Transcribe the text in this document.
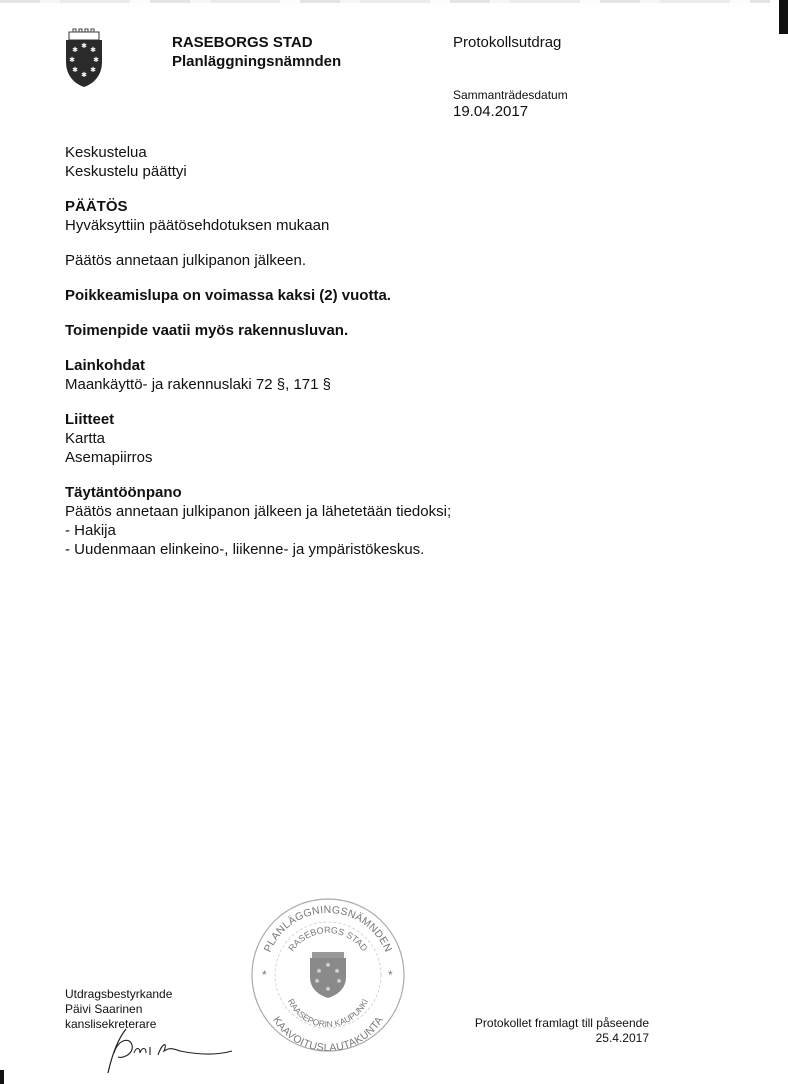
✱
✱ ✱
✱	✱
✱ ✱
✱
RASEBORGS STAD
Planläggningsnämnden
Protokollsutdrag
Sammanträdesdatum
19.04.2017

Keskustelua

Keskustelu päättyi

PÄÄTÖS

Hyväksyttiin päätösehdotuksen mukaan

Päätös annetaan julkipanon jälkeen.

Poikkeamislupa on voimassa kaksi (2) vuotta.

Toimenpide vaatii myös rakennusluvan.

Lainkohdat

Maankäyttö- ja rakennuslaki 72 §, 171 §

Liitteet

Kartta

Asemapiirros

Täytäntöönpano

Päätös annetaan julkipanon jälkeen ja lähetetään tiedoksi;

- Hakija

- Uudenmaan elinkeino-, liikenne- ja ympäristökeskus.

Utdragsbestyrkande
Päivi Saarinen
kanslisekreterare
PLANLÄGGNINGSNÄMNDEN
RASEBORGS STAD
RAASEPORIN KAUPUNKI
KAAVOITUSLAUTAKUNTA
*	*
✱
✱ ✱
✱	✱
✱
Protokollet framlagt till påseende
25.4.2017
